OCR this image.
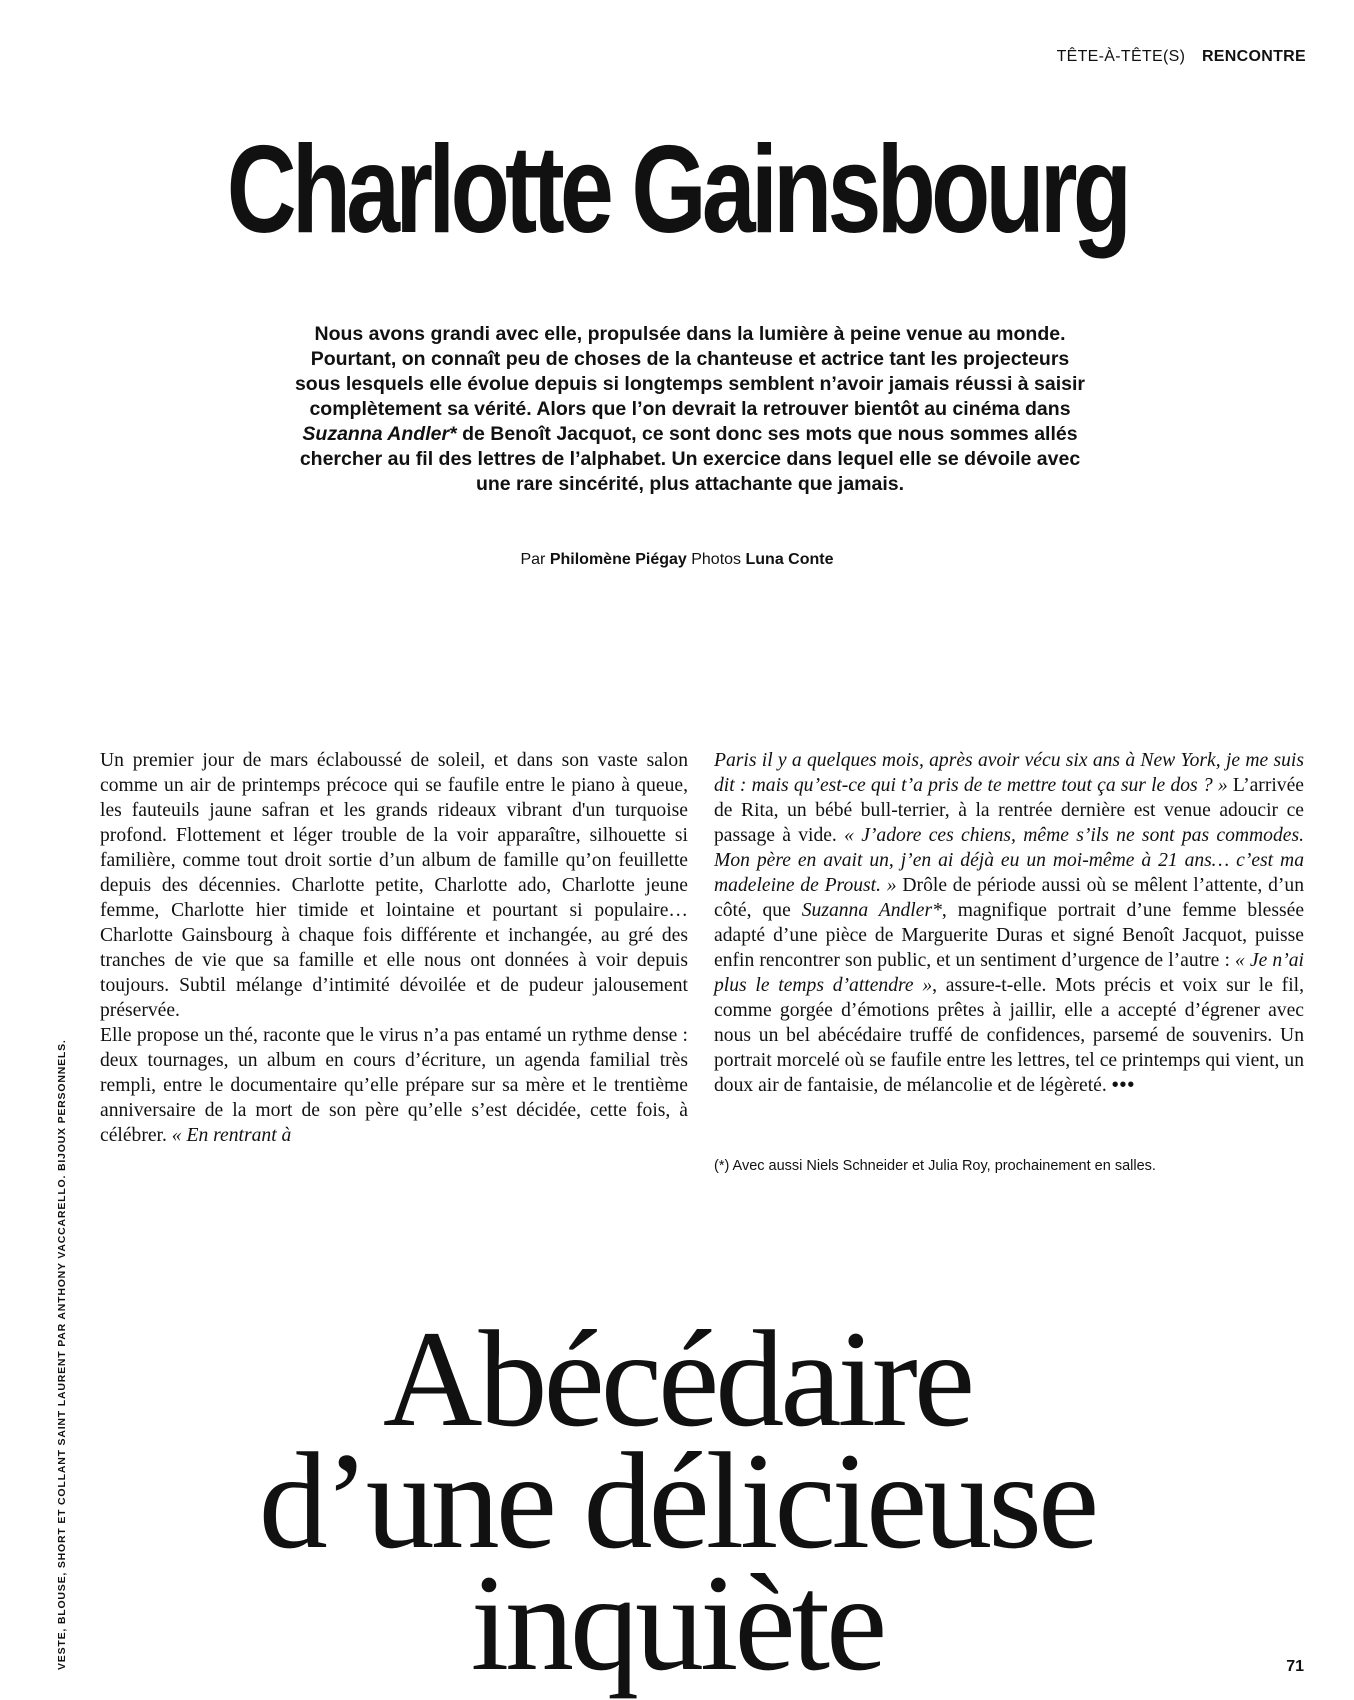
TÊTE-À-TÊTE(S) RENCONTRE
Charlotte Gainsbourg
Nous avons grandi avec elle, propulsée dans la lumière à peine venue au monde. Pourtant, on connaît peu de choses de la chanteuse et actrice tant les projecteurs sous lesquels elle évolue depuis si longtemps semblent n’avoir jamais réussi à saisir complètement sa vérité. Alors que l’on devrait la retrouver bientôt au cinéma dans Suzanna Andler* de Benoît Jacquot, ce sont donc ses mots que nous sommes allés chercher au fil des lettres de l’alphabet. Un exercice dans lequel elle se dévoile avec une rare sincérité, plus attachante que jamais.
Par Philomène Piégay Photos Luna Conte

Un premier jour de mars éclaboussé de soleil, et dans son vaste salon comme un air de printemps précoce qui se faufile entre le piano à queue, les fauteuils jaune safran et les grands rideaux vibrant d'un turquoise profond. Flottement et léger trouble de la voir apparaître, silhouette si familière, comme tout droit sortie d’un album de famille qu’on feuillette depuis des décennies. Charlotte petite, Charlotte ado, Charlotte jeune femme, Charlotte hier timide et lointaine et pourtant si populaire… Charlotte Gainsbourg à chaque fois différente et inchangée, au gré des tranches de vie que sa famille et elle nous ont données à voir depuis toujours. Subtil mélange d’intimité dévoilée et de pudeur jalousement préservée.

Elle propose un thé, raconte que le virus n’a pas entamé un rythme dense : deux tournages, un album en cours d’écriture, un agenda familial très rempli, entre le documentaire qu’elle prépare sur sa mère et le trentième anniversaire de la mort de son père qu’elle s’est décidée, cette fois, à célébrer. « En rentrant à

Paris il y a quelques mois, après avoir vécu six ans à New York, je me suis dit : mais qu’est-ce qui t’a pris de te mettre tout ça sur le dos ? » L’arrivée de Rita, un bébé bull-terrier, à la rentrée dernière est venue adoucir ce passage à vide. « J’adore ces chiens, même s’ils ne sont pas commodes. Mon père en avait un, j’en ai déjà eu un moi-même à 21 ans… c’est ma madeleine de Proust. » Drôle de période aussi où se mêlent l’attente, d’un côté, que Suzanna Andler*, magnifique portrait d’une femme blessée adapté d’une pièce de Marguerite Duras et signé Benoît Jacquot, puisse enfin rencontrer son public, et un sentiment d’urgence de l’autre : « Je n’ai plus le temps d’attendre », assure-t-elle. Mots précis et voix sur le fil, comme gorgée d’émotions prêtes à jaillir, elle a accepté d’égrener avec nous un bel abécédaire truffé de confidences, parsemé de souvenirs. Un portrait morcelé où se faufile entre les lettres, tel ce printemps qui vient, un doux air de fantaisie, de mélancolie et de légèreté. •••

(*) Avec aussi Niels Schneider et Julia Roy, prochainement en salles.
VESTE, BLOUSE, SHORT ET COLLANT SAINT LAURENT PAR ANTHONY VACCARELLO. BIJOUX PERSONNELS.	Abécédaire
d’une délicieuse
inquiète	71
